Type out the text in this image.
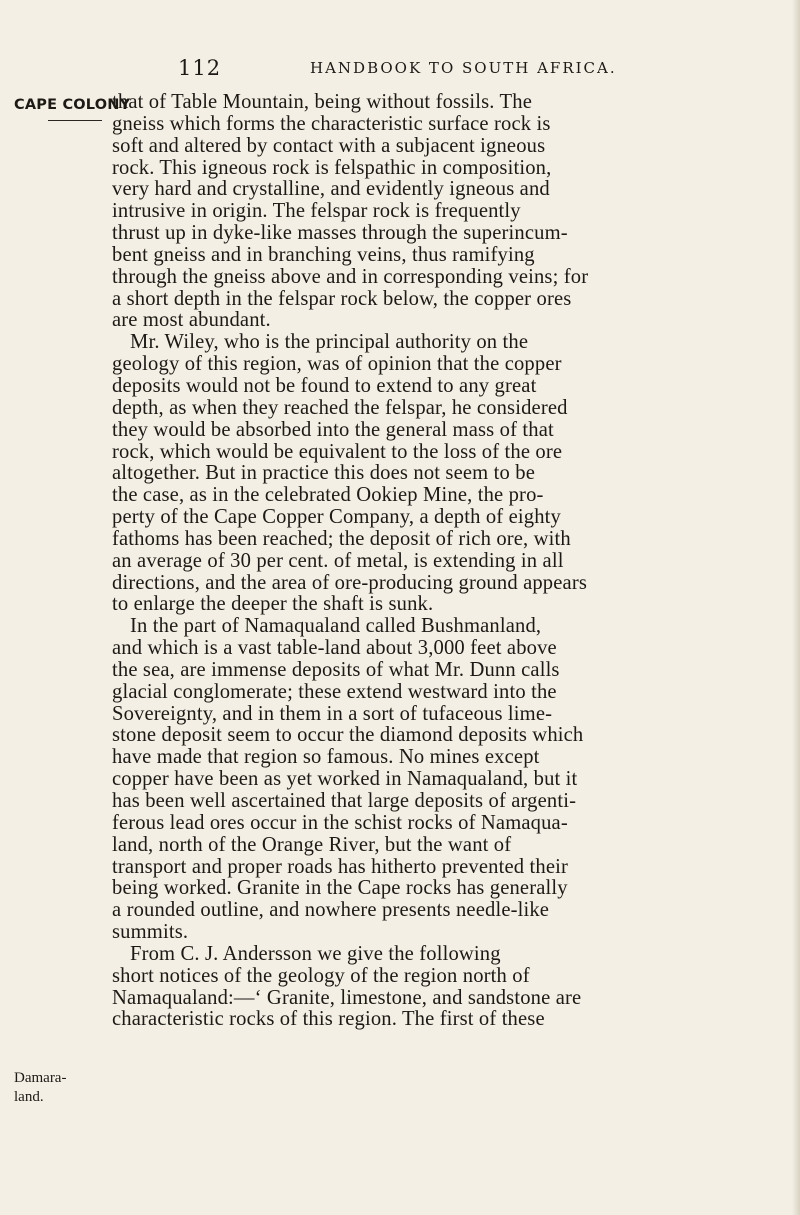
112	HANDBOOK TO SOUTH AFRICA.
CAPE COLONY
Damara-
land.
that of Table Mountain, being without fossils. The
gneiss which forms the characteristic surface rock is
soft and altered by contact with a subjacent igneous
rock. This igneous rock is felspathic in composition,
very hard and crystalline, and evidently igneous and
intrusive in origin. The felspar rock is frequently
thrust up in dyke-like masses through the superincum-
bent gneiss and in branching veins, thus ramifying
through the gneiss above and in corresponding veins; for
a short depth in the felspar rock below, the copper ores
are most abundant.
Mr. Wiley, who is the principal authority on the
geology of this region, was of opinion that the copper
deposits would not be found to extend to any great
depth, as when they reached the felspar, he considered
they would be absorbed into the general mass of that
rock, which would be equivalent to the loss of the ore
altogether. But in practice this does not seem to be
the case, as in the celebrated Ookiep Mine, the pro-
perty of the Cape Copper Company, a depth of eighty
fathoms has been reached; the deposit of rich ore, with
an average of 30 per cent. of metal, is extending in all
directions, and the area of ore-producing ground appears
to enlarge the deeper the shaft is sunk.
In the part of Namaqualand called Bushmanland,
and which is a vast table-land about 3,000 feet above
the sea, are immense deposits of what Mr. Dunn calls
glacial conglomerate; these extend westward into the
Sovereignty, and in them in a sort of tufaceous lime-
stone deposit seem to occur the diamond deposits which
have made that region so famous. No mines except
copper have been as yet worked in Namaqualand, but it
has been well ascertained that large deposits of argenti-
ferous lead ores occur in the schist rocks of Namaqua-
land, north of the Orange River, but the want of
transport and proper roads has hitherto prevented their
being worked. Granite in the Cape rocks has generally
a rounded outline, and nowhere presents needle-like
summits.
From C. J. Andersson we give the following
short notices of the geology of the region north of
Namaqualand:—‘ Granite, limestone, and sandstone are
characteristic rocks of this region. The first of these
